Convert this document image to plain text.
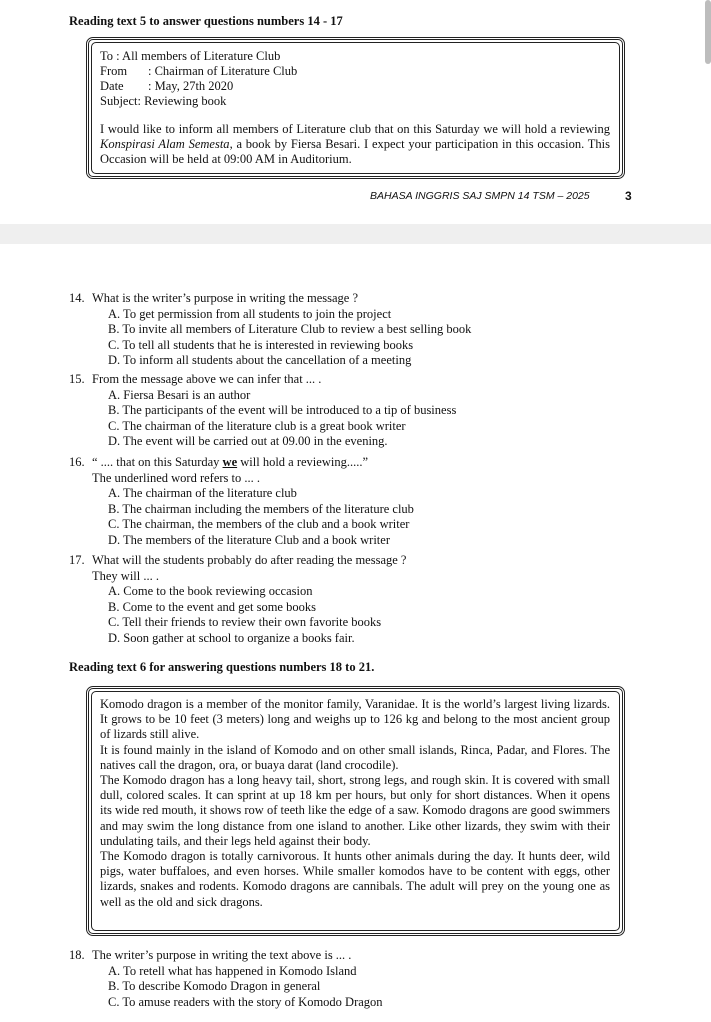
Reading text 5 to answer questions numbers 14 - 17
To : All members of Literature Club
From : Chairman of Literature Club
Date : May, 27th 2020
Subject: Reviewing book
I would like to inform all members of Literature club that on this Saturday we will hold a reviewing Konspirasi Alam Semesta, a book by Fiersa Besari. I expect your participation in this occasion. This Occasion will be held at 09:00 AM in Auditorium.
BAHASA INGGRIS SAJ SMPN 14 TSM – 2025	3
14. What is the writer’s purpose in writing the message ?
A. To get permission from all students to join the project
B. To invite all members of Literature Club to review a best selling book
C. To tell all students that he is interested in reviewing books
D. To inform all students about the cancellation of a meeting
15. From the message above we can infer that ... .
A. Fiersa Besari is an author
B. The participants of the event will be introduced to a tip of business
C. The chairman of the literature club is a great book writer
D. The event will be carried out at 09.00 in the evening.
16. “ .... that on this Saturday we will hold a reviewing.....”
The underlined word refers to ... .
A. The chairman of the literature club
B. The chairman including the members of the literature club
C. The chairman, the members of the club and a book writer
D. The members of the literature Club and a book writer
17. What will the students probably do after reading the message ?
They will ... .
A. Come to the book reviewing occasion
B. Come to the event and get some books
C. Tell their friends to review their own favorite books
D. Soon gather at school to organize a books fair.
Reading text 6 for answering questions numbers 18 to 21.

Komodo dragon is a member of the monitor family, Varanidae. It is the world’s largest living lizards. It grows to be 10 feet (3 meters) long and weighs up to 126 kg and belong to the most ancient group of lizards still alive.

It is found mainly in the island of Komodo and on other small islands, Rinca, Padar, and Flores. The natives call the dragon, ora, or buaya darat (land crocodile).

The Komodo dragon has a long heavy tail, short, strong legs, and rough skin. It is covered with small dull, colored scales. It can sprint at up 18 km per hours, but only for short distances. When it opens its wide red mouth, it shows row of teeth like the edge of a saw. Komodo dragons are good swimmers and may swim the long distance from one island to another. Like other lizards, they swim with their undulating tails, and their legs held against their body.

The Komodo dragon is totally carnivorous. It hunts other animals during the day. It hunts deer, wild pigs, water buffaloes, and even horses. While smaller komodos have to be content with eggs, other lizards, snakes and rodents. Komodo dragons are cannibals. The adult will prey on the young one as well as the old and sick dragons.

18. The writer’s purpose in writing the text above is ... .
A. To retell what has happened in Komodo Island
B. To describe Komodo Dragon in general
C. To amuse readers with the story of Komodo Dragon
